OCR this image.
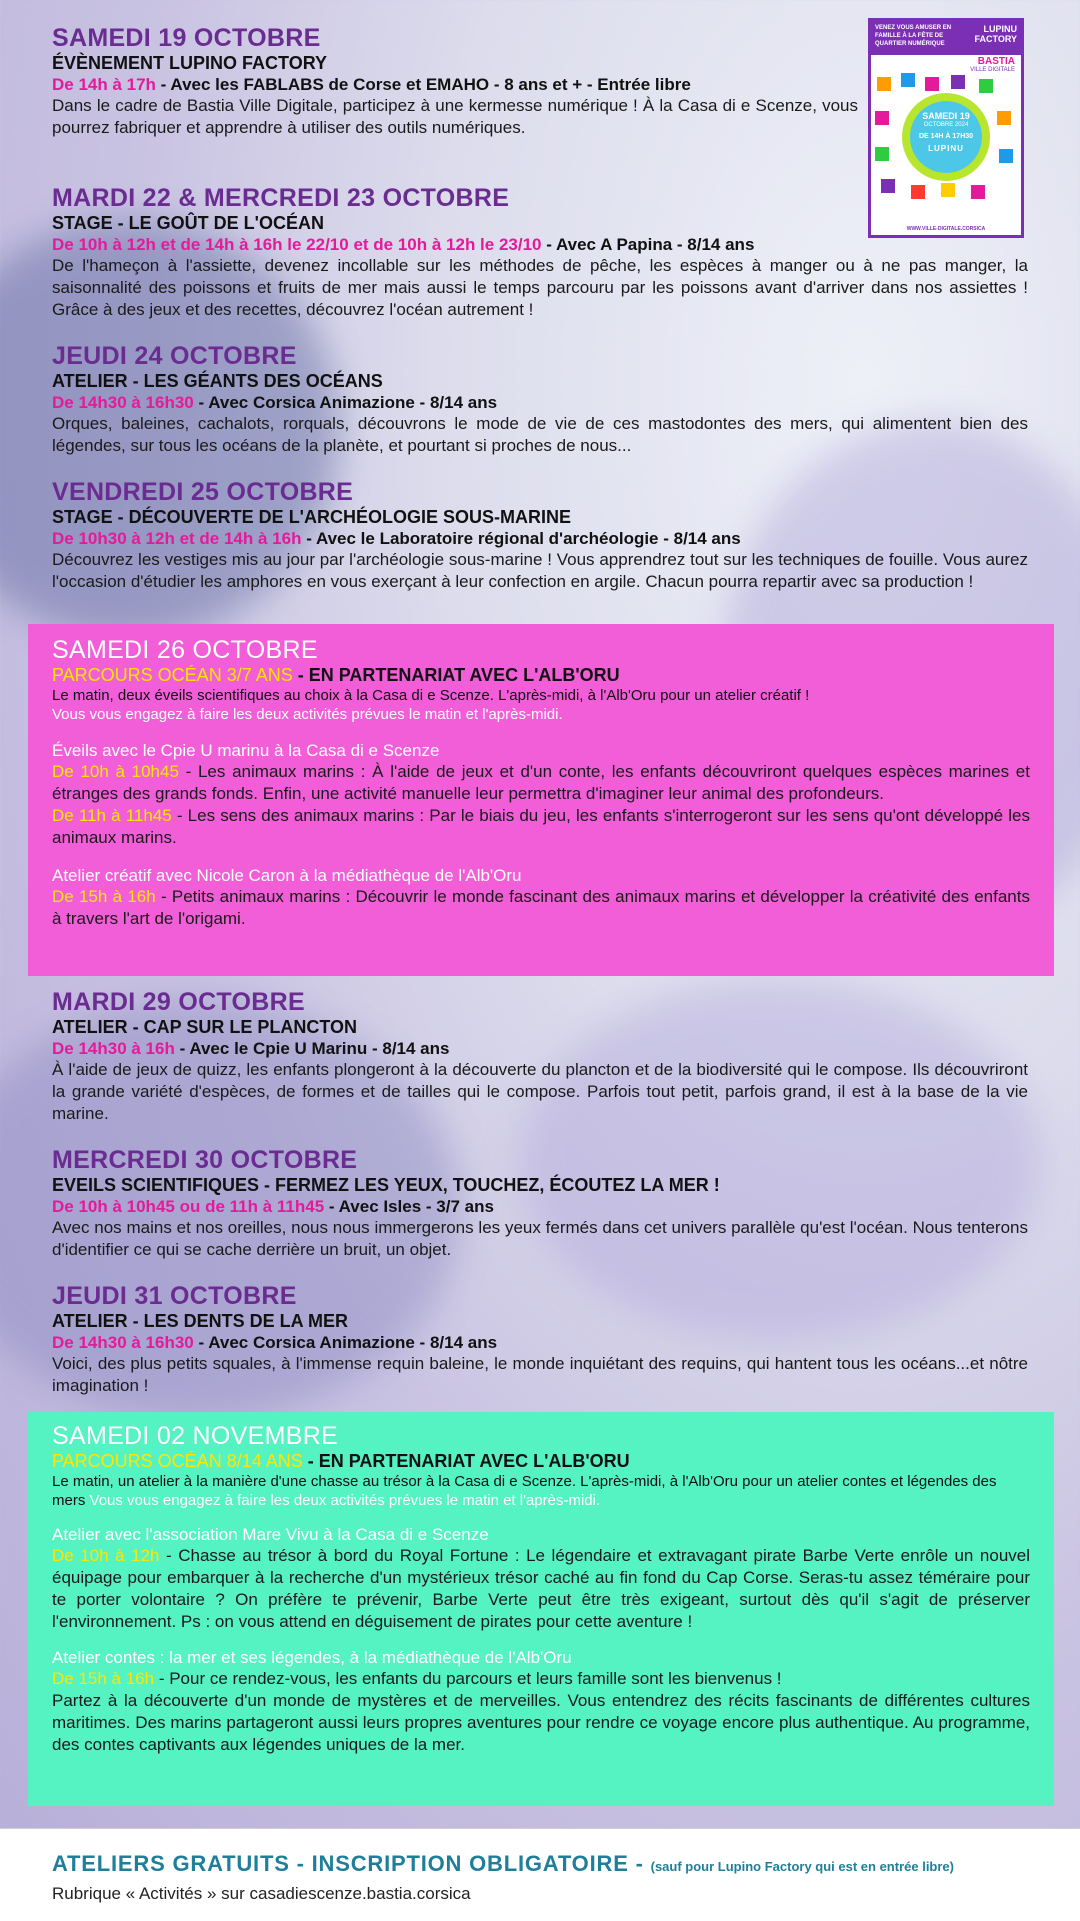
VENEZ VOUS AMUSER EN FAMILLE À LA FÊTE DE QUARTIER NUMÉRIQUE
LUPINU FACTORY
BASTIA
VILLE DIGITALE
SAMEDI 19
OCTOBRE 2024
DE 14H À 17H30
LUPINU
WWW.VILLE-DIGITALE.CORSICA
SAMEDI 19 OCTOBRE
ÉVÈNEMENT LUPINO FACTORY
De 14h à 17h - Avec les FABLABS de Corse et EMAHO - 8 ans et + - Entrée libre
Dans le cadre de Bastia Ville Digitale, participez à une kermesse numérique ! À la Casa di e Scenze, vous pourrez fabriquer et apprendre à utiliser des outils numériques.
MARDI 22 & MERCREDI 23 OCTOBRE
STAGE - LE GOÛT DE L'OCÉAN
De 10h à 12h et de 14h à 16h le 22/10 et de 10h à 12h le 23/10 - Avec A Papina - 8/14 ans
De l'hameçon à l'assiette, devenez incollable sur les méthodes de pêche, les espèces à manger ou à ne pas manger, la saisonnalité des poissons et fruits de mer mais aussi le temps parcouru par les poissons avant d'arriver dans nos assiettes ! Grâce à des jeux et des recettes, découvrez l'océan autrement !
JEUDI 24 OCTOBRE
ATELIER - LES GÉANTS DES OCÉANS
De 14h30 à 16h30 - Avec Corsica Animazione - 8/14 ans
Orques, baleines, cachalots, rorquals, découvrons le mode de vie de ces mastodontes des mers, qui alimentent bien des légendes, sur tous les océans de la planète, et pourtant si proches de nous...
VENDREDI 25 OCTOBRE
STAGE - DÉCOUVERTE DE L'ARCHÉOLOGIE SOUS-MARINE
De 10h30 à 12h et de 14h à 16h - Avec le Laboratoire régional d'archéologie - 8/14 ans
Découvrez les vestiges mis au jour par l'archéologie sous-marine ! Vous apprendrez tout sur les techniques de fouille. Vous aurez l'occasion d'étudier les amphores en vous exerçant à leur confection en argile. Chacun pourra repartir avec sa production !
SAMEDI 26 OCTOBRE
PARCOURS OCÉAN 3/7 ANS - EN PARTENARIAT AVEC L'ALB'ORU
Le matin, deux éveils scientifiques au choix à la Casa di e Scenze. L'après-midi, à l'Alb'Oru pour un atelier créatif !
Vous vous engagez à faire les deux activités prévues le matin et l'après-midi.
Éveils avec le Cpie U marinu à la Casa di e Scenze
De 10h à 10h45 - Les animaux marins : À l'aide de jeux et d'un conte, les enfants découvriront quelques espèces marines et étranges des grands fonds. Enfin, une activité manuelle leur permettra d'imaginer leur animal des profondeurs.
De 11h à 11h45 - Les sens des animaux marins : Par le biais du jeu, les enfants s'interrogeront sur les sens qu'ont développé les animaux marins.
Atelier créatif avec Nicole Caron à la médiathèque de l'Alb'Oru
De 15h à 16h - Petits animaux marins : Découvrir le monde fascinant des animaux marins et développer la créativité des enfants à travers l'art de l'origami.
MARDI 29 OCTOBRE
ATELIER - CAP SUR LE PLANCTON
De 14h30 à 16h - Avec le Cpie U Marinu - 8/14 ans
À l'aide de jeux de quizz, les enfants plongeront à la découverte du plancton et de la biodiversité qui le compose. Ils découvriront la grande variété d'espèces, de formes et de tailles qui le compose. Parfois tout petit, parfois grand, il est à la base de la vie marine.
MERCREDI 30 OCTOBRE
EVEILS SCIENTIFIQUES - FERMEZ LES YEUX, TOUCHEZ, ÉCOUTEZ LA MER !
De 10h à 10h45 ou de 11h à 11h45 - Avec Isles - 3/7 ans
Avec nos mains et nos oreilles, nous nous immergerons les yeux fermés dans cet univers parallèle qu'est l'océan. Nous tenterons d'identifier ce qui se cache derrière un bruit, un objet.
JEUDI 31 OCTOBRE
ATELIER - LES DENTS DE LA MER
De 14h30 à 16h30 - Avec Corsica Animazione - 8/14 ans
Voici, des plus petits squales, à l'immense requin baleine, le monde inquiétant des requins, qui hantent tous les océans...et nôtre imagination !
SAMEDI 02 NOVEMBRE
PARCOURS OCÉAN 8/14 ANS - EN PARTENARIAT AVEC L'ALB'ORU
Le matin, un atelier à la manière d'une chasse au trésor à la Casa di e Scenze. L'après-midi, à l'Alb'Oru pour un atelier contes et légendes des mers Vous vous engagez à faire les deux activités prévues le matin et l'après-midi.
Atelier avec l'association Mare Vivu à la Casa di e Scenze
De 10h à 12h - Chasse au trésor à bord du Royal Fortune : Le légendaire et extravagant pirate Barbe Verte enrôle un nouvel équipage pour embarquer à la recherche d'un mystérieux trésor caché au fin fond du Cap Corse. Seras-tu assez téméraire pour te porter volontaire ? On préfère te prévenir, Barbe Verte peut être très exigeant, surtout dès qu'il s'agit de préserver l'environnement. Ps : on vous attend en déguisement de pirates pour cette aventure !
Atelier contes : la mer et ses légendes, à la médiathèque de l'Alb'Oru
De 15h à 16h - Pour ce rendez-vous, les enfants du parcours et leurs famille sont les bienvenus !
Partez à la découverte d'un monde de mystères et de merveilles. Vous entendrez des récits fascinants de différentes cultures maritimes. Des marins partageront aussi leurs propres aventures pour rendre ce voyage encore plus authentique. Au programme, des contes captivants aux légendes uniques de la mer.
ATELIERS GRATUITS - INSCRIPTION OBLIGATOIRE - (sauf pour Lupino Factory qui est en entrée libre)
Rubrique « Activités » sur casadiescenze.bastia.corsica
